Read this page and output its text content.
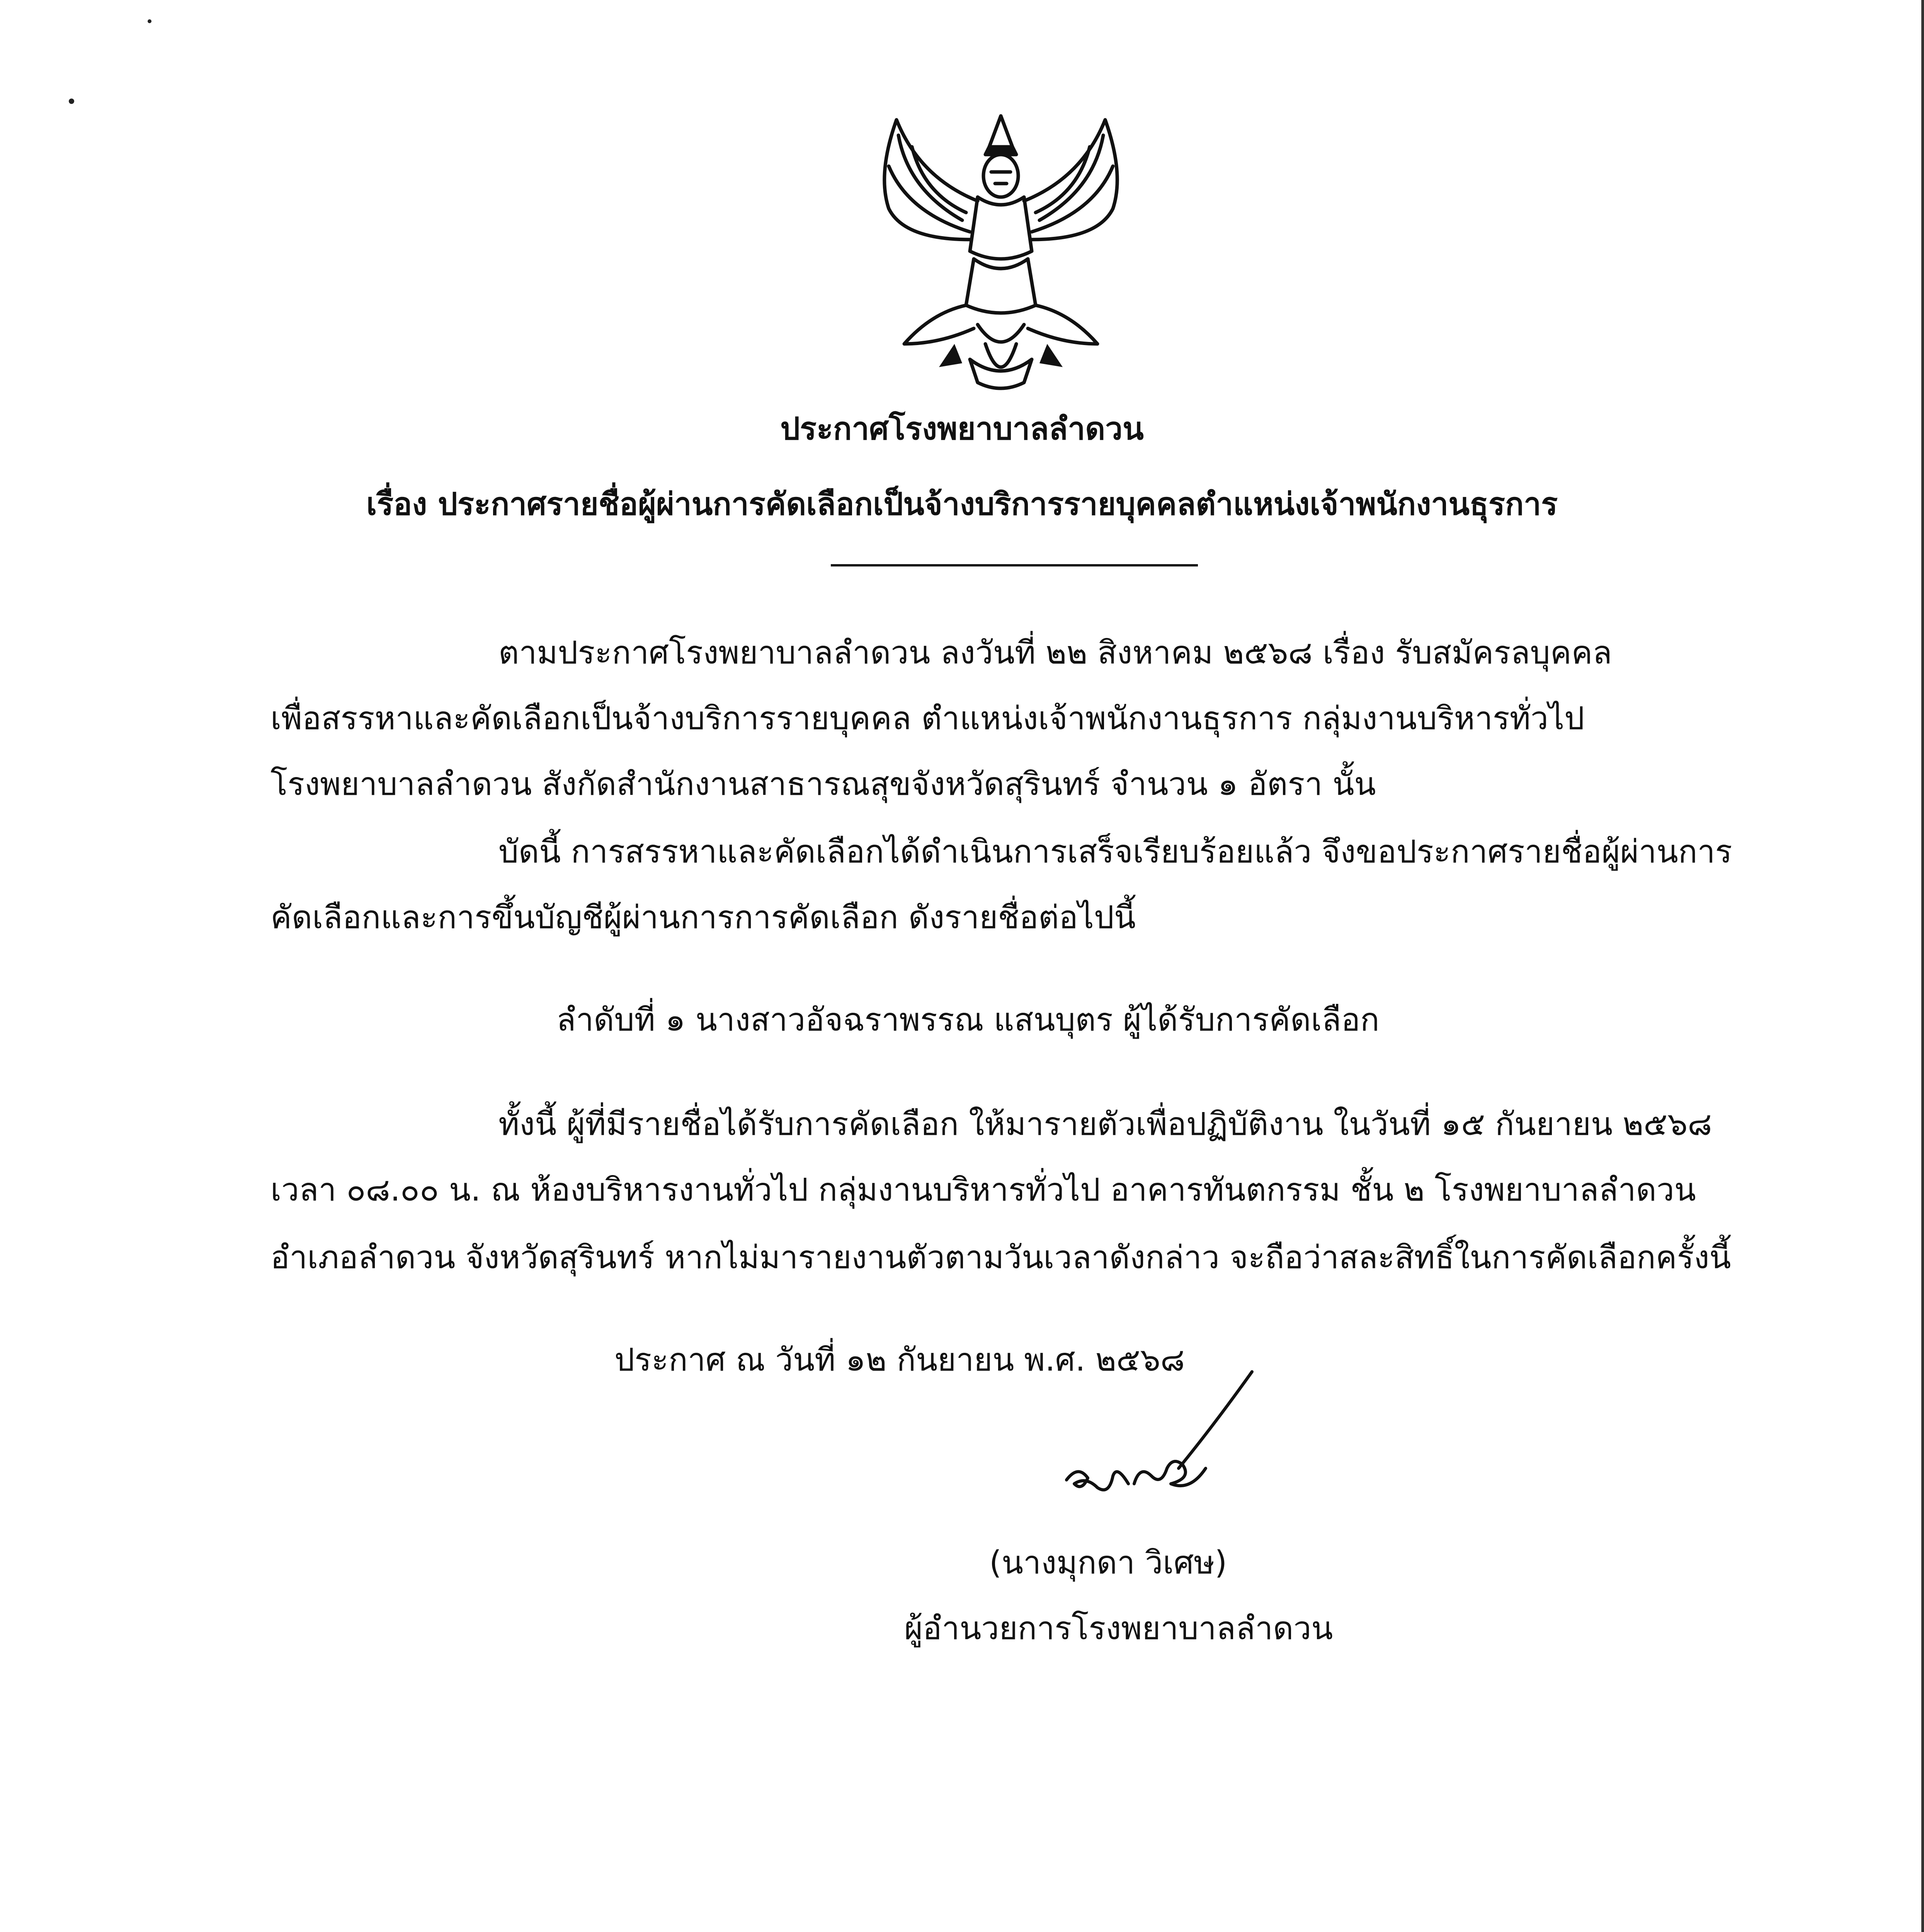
ประกาศโรงพยาบาลลำดวน
เรื่อง ประกาศรายชื่อผู้ผ่านการคัดเลือกเป็นจ้างบริการรายบุคคลตำแหน่งเจ้าพนักงานธุรการ
ตามประกาศโรงพยาบาลลำดวน ลงวันที่ ๒๒ สิงหาคม ๒๕๖๘ เรื่อง รับสมัครลบุคคล
เพื่อสรรหาและคัดเลือกเป็นจ้างบริการรายบุคคล ตำแหน่งเจ้าพนักงานธุรการ กลุ่มงานบริหารทั่วไป
โรงพยาบาลลำดวน สังกัดสำนักงานสาธารณสุขจังหวัดสุรินทร์ จำนวน ๑ อัตรา นั้น
บัดนี้ การสรรหาและคัดเลือกได้ดำเนินการเสร็จเรียบร้อยแล้ว จึงขอประกาศรายชื่อผู้ผ่านการ
คัดเลือกและการขึ้นบัญชีผู้ผ่านการการคัดเลือก ดังรายชื่อต่อไปนี้
ลำดับที่ ๑ นางสาวอัจฉราพรรณ แสนบุตร ผู้ได้รับการคัดเลือก
ทั้งนี้ ผู้ที่มีรายชื่อได้รับการคัดเลือก ให้มารายตัวเพื่อปฏิบัติงาน ในวันที่ ๑๕ กันยายน ๒๕๖๘
เวลา ๐๘.๐๐ น. ณ ห้องบริหารงานทั่วไป กลุ่มงานบริหารทั่วไป อาคารทันตกรรม ชั้น ๒ โรงพยาบาลลำดวน
อำเภอลำดวน จังหวัดสุรินทร์ หากไม่มารายงานตัวตามวันเวลาดังกล่าว จะถือว่าสละสิทธิ์ในการคัดเลือกครั้งนี้
ประกาศ ณ วันที่ ๑๒ กันยายน พ.ศ. ๒๕๖๘
(นางมุกดา วิเศษ)
ผู้อำนวยการโรงพยาบาลลำดวน
